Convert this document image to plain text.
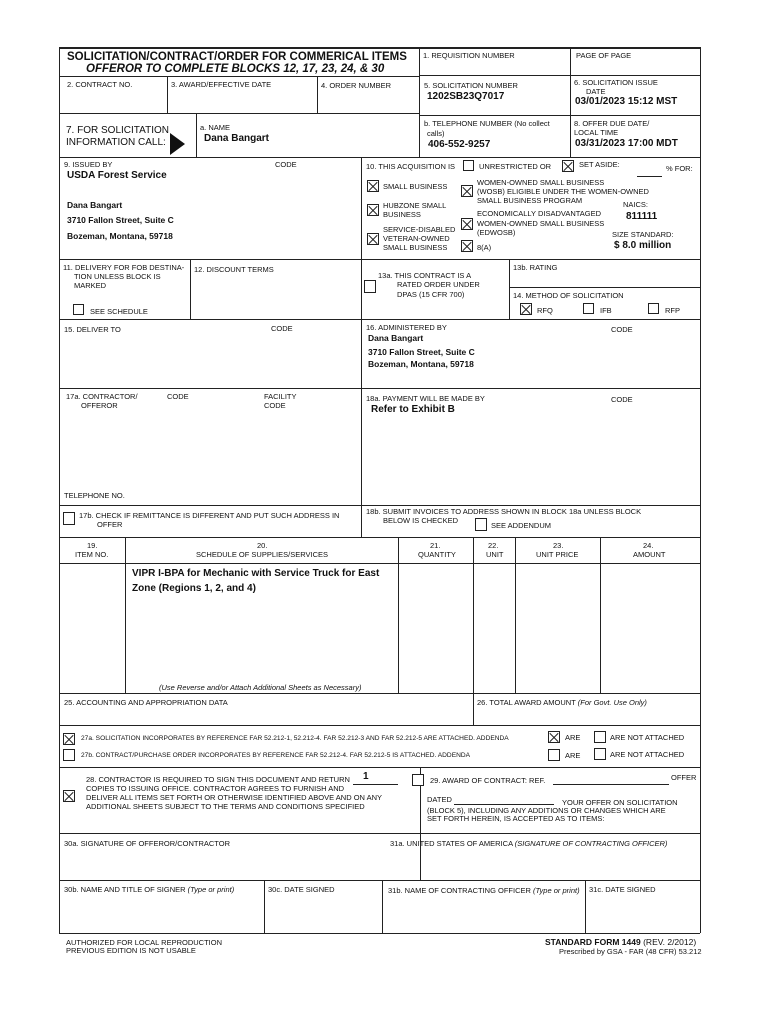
SOLICITATION/CONTRACT/ORDER FOR COMMERICAL ITEMS
OFFEROR TO COMPLETE BLOCKS 12, 17, 23, 24, & 30
1. REQUISITION NUMBER	PAGE OF PAGE
2. CONTRACT NO.	3. AWARD/EFFECTIVE DATE	4. ORDER NUMBER	5. SOLICITATION NUMBER
1202SB23Q7017
6. SOLICITATION ISSUE
DATE
03/01/2023 15:12 MST
7. FOR SOLICITATION
INFORMATION CALL:
a. NAME
Dana Bangart
b. TELEPHONE NUMBER (No collect
calls)
406-552-9257
8. OFFER DUE DATE/
LOCAL TIME
03/31/2023 17:00 MDT
9. ISSUED BY	CODE
USDA Forest Service
Dana Bangart
3710 Fallon Street, Suite C
Bozeman, Montana, 59718
10. THIS ACQUISITION IS	UNRESTRICTED OR	SET ASIDE:	% FOR:
SMALL BUSINESS	WOMEN-OWNED SMALL BUSINESS
(WOSB) ELIGIBLE UNDER THE WOMEN-OWNED
SMALL BUSINESS PROGRAM	NAICS:
811111
HUBZONE SMALL
BUSINESS	ECONOMICALLY DISADVANTAGED
WOMEN-OWNED SMALL BUSINESS
(EDWOSB)
SERVICE-DISABLED
VETERAN-OWNED
SMALL BUSINESS	8(A)
SIZE STANDARD:
$ 8.0 million
11. DELIVERY FOR FOB DESTINA-
TION UNLESS BLOCK IS
MARKED
SEE SCHEDULE
12. DISCOUNT TERMS
13a. THIS CONTRACT IS A
RATED ORDER UNDER
DPAS (15 CFR 700)
13b. RATING
14. METHOD OF SOLICITATION
RFQ	IFB	RFP
15. DELIVER TO	CODE	16. ADMINISTERED BY	CODE
Dana Bangart
3710 Fallon Street, Suite C
Bozeman, Montana, 59718
17a. CONTRACTOR/
OFFEROR
CODE	FACILITY
CODE
18a. PAYMENT WILL BE MADE BY	CODE
Refer to Exhibit B
TELEPHONE NO.
17b. CHECK IF REMITTANCE IS DIFFERENT AND PUT SUCH ADDRESS IN
OFFER
18b. SUBMIT INVOICES TO ADDRESS SHOWN IN BLOCK 18a UNLESS BLOCK
BELOW IS CHECKED
SEE ADDENDUM
19.
ITEM NO.
20.
SCHEDULE OF SUPPLIES/SERVICES
21.
QUANTITY
22.
UNIT
23.
UNIT PRICE
24.
AMOUNT
VIPR I-BPA for Mechanic with Service Truck for East
Zone (Regions 1, 2, and 4)
(Use Reverse and/or Attach Additional Sheets as Necessary)
25. ACCOUNTING AND APPROPRIATION DATA	26. TOTAL AWARD AMOUNT (For Govt. Use Only)
27a. SOLICITATION INCORPORATES BY REFERENCE FAR 52.212-1, 52.212-4. FAR 52.212-3 AND FAR 52.212-5 ARE ATTACHED. ADDENDA	ARE	ARE NOT ATTACHED
27b. CONTRACT/PURCHASE ORDER INCORPORATES BY REFERENCE FAR 52.212-4. FAR 52.212-5 IS ATTACHED. ADDENDA	ARE	ARE NOT ATTACHED
28. CONTRACTOR IS REQUIRED TO SIGN THIS DOCUMENT AND RETURN 1
COPIES TO ISSUING OFFICE. CONTRACTOR AGREES TO FURNISH AND
DELIVER ALL ITEMS SET FORTH OR OTHERWISE IDENTIFIED ABOVE AND ON ANY
ADDITIONAL SHEETS SUBJECT TO THE TERMS AND CONDITIONS SPECIFIED
29. AWARD OF CONTRACT: REF.	OFFER
DATED	YOUR OFFER ON SOLICITATION
(BLOCK 5), INCLUDING ANY ADDITIONS OR CHANGES WHICH ARE
SET FORTH HEREIN, IS ACCEPTED AS TO ITEMS:
30a. SIGNATURE OF OFFEROR/CONTRACTOR	31a. UNITED STATES OF AMERICA (SIGNATURE OF CONTRACTING OFFICER)
30b. NAME AND TITLE OF SIGNER (Type or print)	30c. DATE SIGNED	31b. NAME OF CONTRACTING OFFICER (Type or print) 31c. DATE SIGNED
AUTHORIZED FOR LOCAL REPRODUCTION
PREVIOUS EDITION IS NOT USABLE
STANDARD FORM 1449 (REV. 2/2012)
Prescribed by GSA - FAR (48 CFR) 53.212
